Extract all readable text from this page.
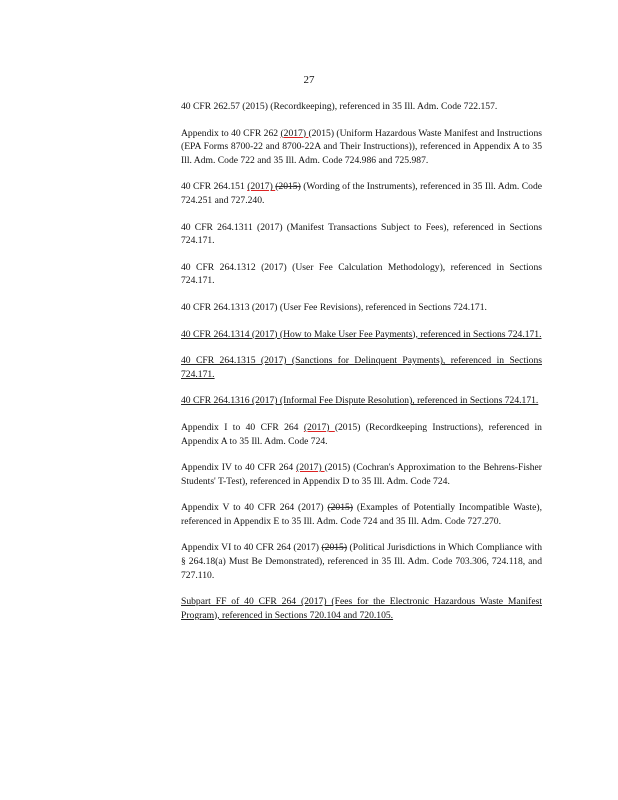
27

40 CFR 262.57 (2015) (Recordkeeping), referenced in 35 Ill. Adm. Code 722.157.

Appendix to 40 CFR 262 (2017) (2015) (Uniform Hazardous Waste Manifest and Instructions (EPA Forms 8700-22 and 8700-22A and Their Instructions)), referenced in Appendix A to 35 Ill. Adm. Code 722 and 35 Ill. Adm. Code 724.986 and 725.987.

40 CFR 264.151 (2017) (2015) (Wording of the Instruments), referenced in 35 Ill. Adm. Code 724.251 and 727.240.

40 CFR 264.1311 (2017) (Manifest Transactions Subject to Fees), referenced in Sections 724.171.

40 CFR 264.1312 (2017) (User Fee Calculation Methodology), referenced in Sections 724.171.

40 CFR 264.1313 (2017) (User Fee Revisions), referenced in Sections 724.171.

40 CFR 264.1314 (2017) (How to Make User Fee Payments), referenced in Sections 724.171.

40 CFR 264.1315 (2017) (Sanctions for Delinquent Payments), referenced in Sections 724.171.

40 CFR 264.1316 (2017) (Informal Fee Dispute Resolution), referenced in Sections 724.171.

Appendix I to 40 CFR 264 (2017) (2015) (Recordkeeping Instructions), referenced in Appendix A to 35 Ill. Adm. Code 724.

Appendix IV to 40 CFR 264 (2017) (2015) (Cochran's Approximation to the Behrens-Fisher Students' T-Test), referenced in Appendix D to 35 Ill. Adm. Code 724.

Appendix V to 40 CFR 264 (2017) (2015) (Examples of Potentially Incompatible Waste), referenced in Appendix E to 35 Ill. Adm. Code 724 and 35 Ill. Adm. Code 727.270.

Appendix VI to 40 CFR 264 (2017) (2015) (Political Jurisdictions in Which Compliance with § 264.18(a) Must Be Demonstrated), referenced in 35 Ill. Adm. Code 703.306, 724.118, and 727.110.

Subpart FF of 40 CFR 264 (2017) (Fees for the Electronic Hazardous Waste Manifest Program), referenced in Sections 720.104 and 720.105.
